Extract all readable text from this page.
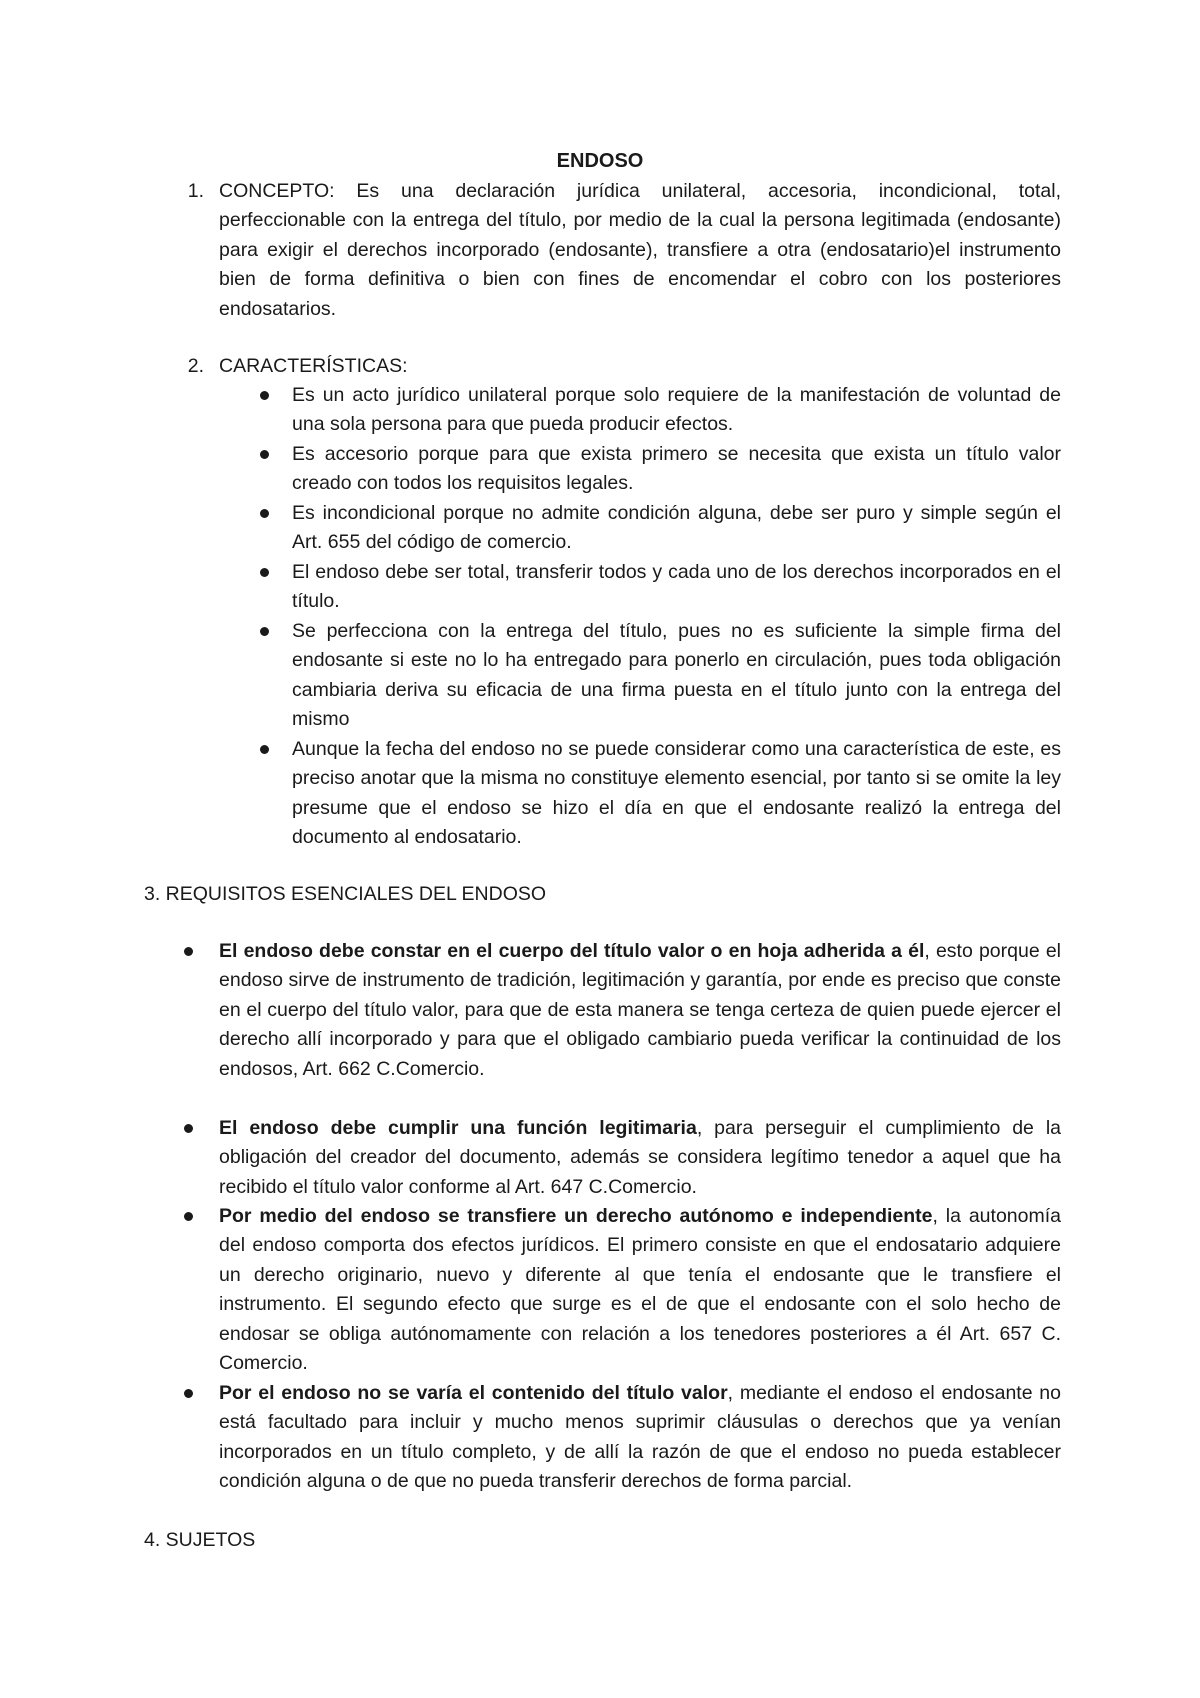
ENDOSO
1. CONCEPTO: Es una declaración jurídica unilateral, accesoria, incondicional, total, perfeccionable con la entrega del título, por medio de la cual la persona legitimada (endosante) para exigir el derechos incorporado (endosante), transfiere a otra (endosatario)el instrumento bien de forma definitiva o bien con fines de encomendar el cobro con los posteriores endosatarios.
2. CARACTERÍSTICAS:
Es un acto jurídico unilateral porque solo requiere de la manifestación de voluntad de una sola persona para que pueda producir efectos.
Es accesorio porque para que exista primero se necesita que exista un título valor creado con todos los requisitos legales.
Es incondicional porque no admite condición alguna, debe ser puro y simple según el Art. 655 del código de comercio.
El endoso debe ser total, transferir todos y cada uno de los derechos incorporados en el título.
Se perfecciona con la entrega del título, pues no es suficiente la simple firma del endosante si este no lo ha entregado para ponerlo en circulación, pues toda obligación cambiaria deriva su eficacia de una firma puesta en el título junto con la entrega del mismo
Aunque la fecha del endoso no se puede considerar como una característica de este, es preciso anotar que la misma no constituye elemento esencial, por tanto si se omite la ley presume que el endoso se hizo el día en que el endosante realizó la entrega del documento al endosatario.
3. REQUISITOS ESENCIALES DEL ENDOSO
El endoso debe constar en el cuerpo del título valor o en hoja adherida a él, esto porque el endoso sirve de instrumento de tradición, legitimación y garantía, por ende es preciso que conste en el cuerpo del título valor, para que de esta manera se tenga certeza de quien puede ejercer el derecho allí incorporado y para que el obligado cambiario pueda verificar la continuidad de los endosos, Art. 662 C.Comercio.
El endoso debe cumplir una función legitimaria, para perseguir el cumplimiento de la obligación del creador del documento, además se considera legítimo tenedor a aquel que ha recibido el título valor conforme al Art. 647 C.Comercio.
Por medio del endoso se transfiere un derecho autónomo e independiente, la autonomía del endoso comporta dos efectos jurídicos. El primero consiste en que el endosatario adquiere un derecho originario, nuevo y diferente al que tenía el endosante que le transfiere el instrumento. El segundo efecto que surge es el de que el endosante con el solo hecho de endosar se obliga autónomamente con relación a los tenedores posteriores a él Art. 657 C. Comercio.
Por el endoso no se varía el contenido del título valor, mediante el endoso el endosante no está facultado para incluir y mucho menos suprimir cláusulas o derechos que ya venían incorporados en un título completo, y de allí la razón de que el endoso no pueda establecer condición alguna o de que no pueda transferir derechos de forma parcial.
4. SUJETOS
